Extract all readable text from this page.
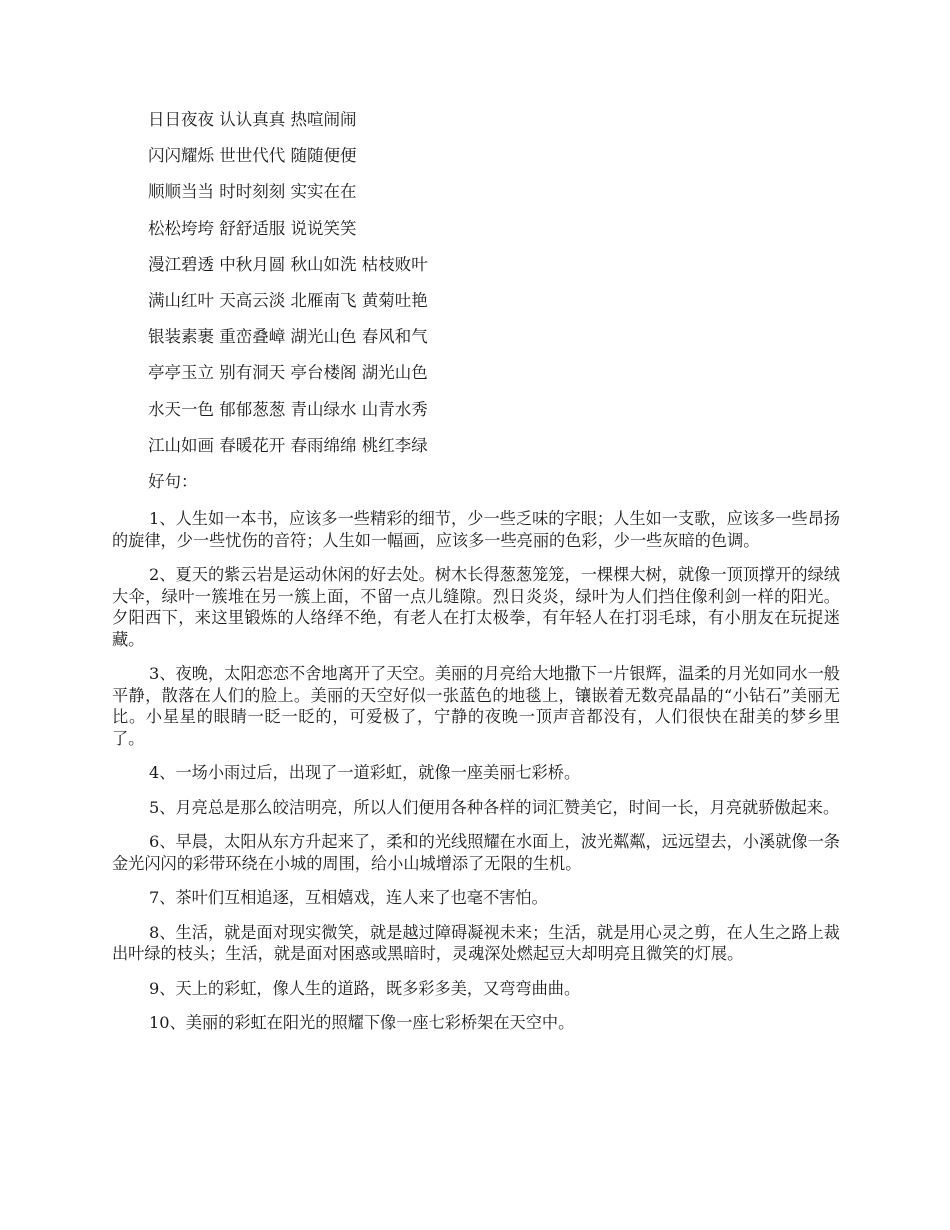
日日夜夜 认认真真 热喧闹闹
闪闪耀烁 世世代代 随随便便
顺顺当当 时时刻刻 实实在在
松松垮垮 舒舒适服 说说笑笑
漫江碧透 中秋月圆 秋山如洗 枯枝败叶
满山红叶 天高云淡 北雁南飞 黄菊吐艳
银装素裹 重峦叠嶂 湖光山色 春风和气
亭亭玉立 别有洞天 亭台楼阁 湖光山色
水天一色 郁郁葱葱 青山绿水 山青水秀
江山如画 春暖花开 春雨绵绵 桃红李绿

好句：

1、人生如一本书，应该多一些精彩的细节，少一些乏味的字眼；人生如一支歌，应该多一些昂扬的旋律，少一些忧伤的音符；人生如一幅画，应该多一些亮丽的色彩，少一些灰暗的色调。

2、夏天的紫云岩是运动休闲的好去处。树木长得葱葱笼笼，一棵棵大树，就像一顶顶撑开的绿绒大伞，绿叶一簇堆在另一簇上面，不留一点儿缝隙。烈日炎炎，绿叶为人们挡住像利剑一样的阳光。夕阳西下，来这里锻炼的人络绎不绝，有老人在打太极拳，有年轻人在打羽毛球，有小朋友在玩捉迷藏。

3、夜晚，太阳恋恋不舍地离开了天空。美丽的月亮给大地撒下一片银辉，温柔的月光如同水一般平静，散落在人们的脸上。美丽的天空好似一张蓝色的地毯上，镶嵌着无数亮晶晶的“小钻石”美丽无比。小星星的眼睛一眨一眨的，可爱极了，宁静的夜晚一顶声音都没有，人们很快在甜美的梦乡里了。

4、一场小雨过后，出现了一道彩虹，就像一座美丽七彩桥。

5、月亮总是那么皎洁明亮，所以人们便用各种各样的词汇赞美它，时间一长，月亮就骄傲起来。

6、早晨，太阳从东方升起来了，柔和的光线照耀在水面上，波光粼粼，远远望去，小溪就像一条金光闪闪的彩带环绕在小城的周围，给小山城增添了无限的生机。

7、茶叶们互相追逐，互相嬉戏，连人来了也毫不害怕。

8、生活，就是面对现实微笑，就是越过障碍凝视未来；生活，就是用心灵之剪，在人生之路上裁出叶绿的枝头；生活，就是面对困惑或黑暗时，灵魂深处燃起豆大却明亮且微笑的灯展。

9、天上的彩虹，像人生的道路，既多彩多美，又弯弯曲曲。

10、美丽的彩虹在阳光的照耀下像一座七彩桥架在天空中。
